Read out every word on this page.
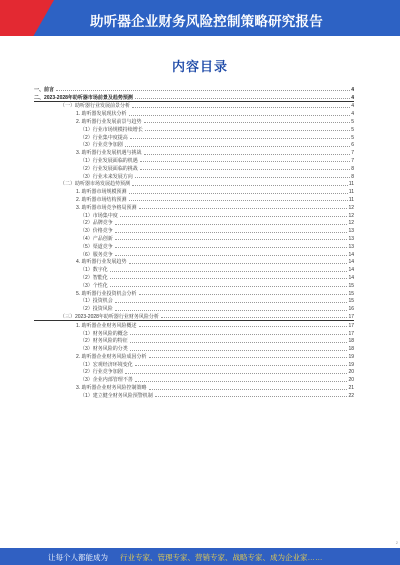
助听器企业财务风险控制策略研究报告
内容目录
一、前言	4
二、2023-2028年助听器市场前景及趋势预测	4
（一）助听器行业发展前景分析	4
1. 助听器发展现状分析	4
2. 助听器行业发展前景与趋势	5
（1）行业市场规模持续增长	5
（2）行业集中度提高	5
（3）行业竞争加剧	6
3. 助听器行业发展机遇与挑战	7
（1）行业发展面临的机遇	7
（2）行业发展面临的挑战	8
（3）行业未来发展方向	8
（二）助听器市场发展趋势预测	11
1. 助听器市场规模预测	11
2. 助听器市场结构预测	11
3. 助听器市场竞争格局预测	12
（1）市场集中度	12
（2）品牌竞争	12
（3）价格竞争	13
（4）产品创新	13
（5）渠道竞争	13
（6）服务竞争	14
4. 助听器行业发展趋势	14
（1）数字化	14
（2）智能化	14
（3）个性化	15
5. 助听器行业投资机会分析	15
（1）投资机会	15
（2）投资风险	16
（三）2023-2028年助听器行业财务风险分析	17
1. 助听器企业财务风险概述	17
（1）财务风险的概念	17
（2）财务风险的特征	18
（3）财务风险的分类	18
2. 助听器企业财务风险成因分析	19
（1）宏观经济环境变化	19
（2）行业竞争加剧	20
（3）企业内部管理不善	20
3. 助听器企业财务风险控制策略	21
（1）建立健全财务风险预警机制	22
2
让每个人都能成为 行业专家、管理专家、营销专家、战略专家、成为企业家……
